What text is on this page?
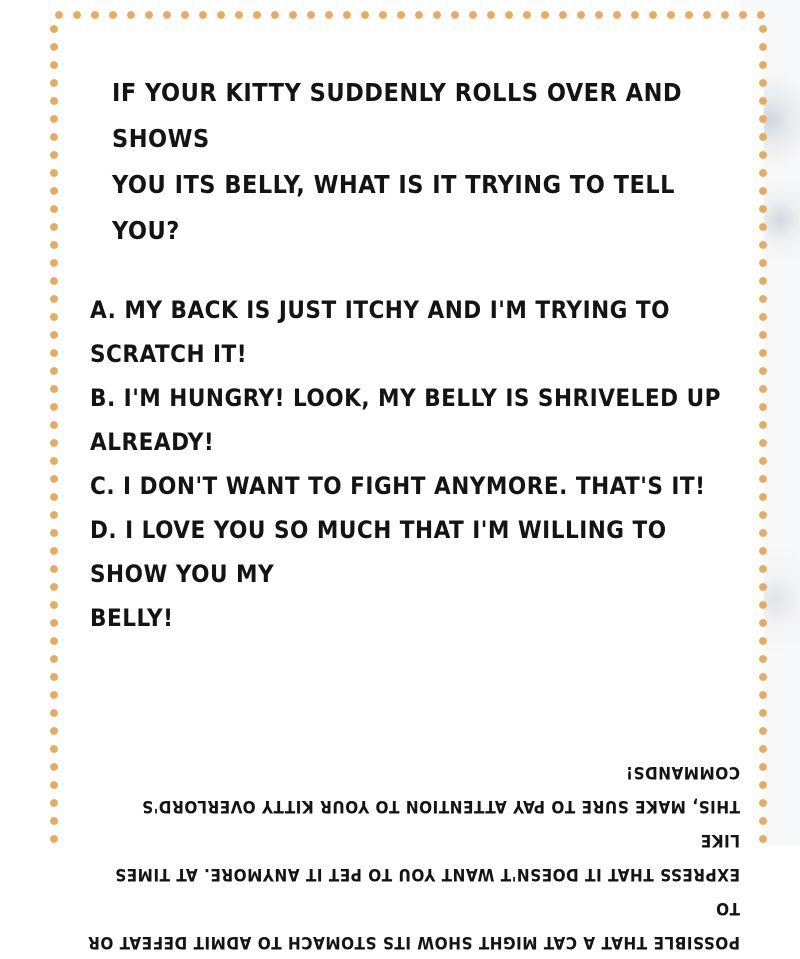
IF YOUR KITTY SUDDENLY ROLLS OVER AND SHOWS
YOU ITS BELLY, WHAT IS IT TRYING TO TELL YOU?
A. MY BACK IS JUST ITCHY AND I'M TRYING TO SCRATCH IT!
B. I'M HUNGRY! LOOK, MY BELLY IS SHRIVELED UP ALREADY!
C. I DON'T WANT TO FIGHT ANYMORE. THAT'S IT!
D. I LOVE YOU SO MUCH THAT I'M WILLING TO SHOW YOU MY
BELLY!
POSSIBLE THAT A CAT MIGHT SHOW ITS STOMACH TO ADMIT DEFEAT OR TO
EXPRESS THAT IT DOESN'T WANT YOU TO PET IT ANYMORE. AT TIMES LIKE
THIS, MAKE SURE TO PAY ATTENTION TO YOUR KITTY OVERLORD'S COMMANDS!
